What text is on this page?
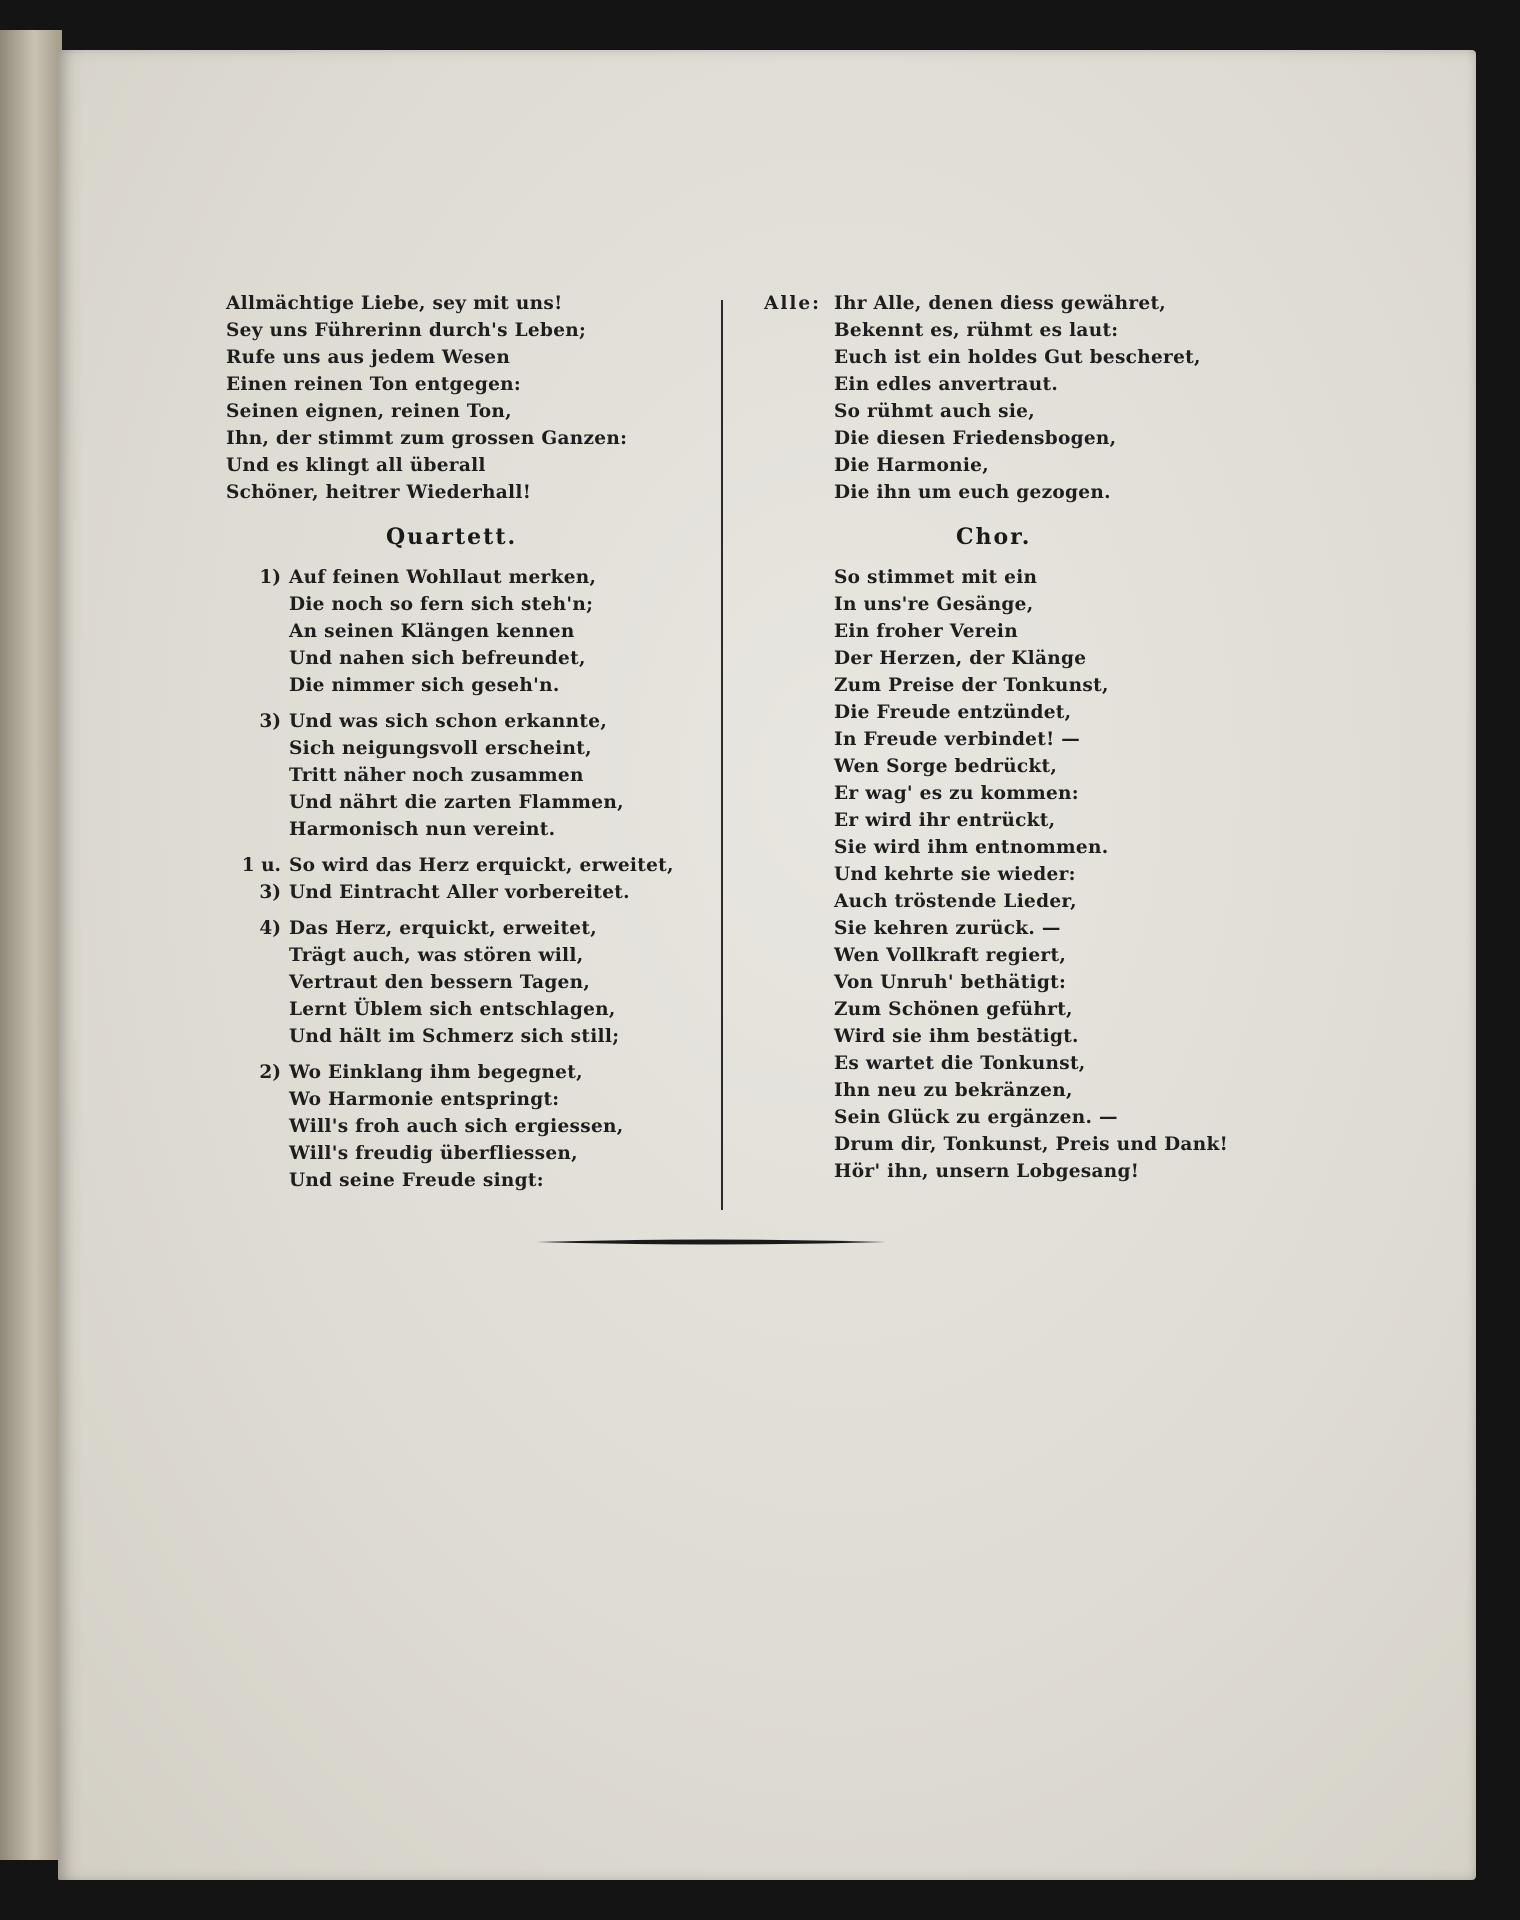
Allmächtige Liebe, sey mit uns!
Sey uns Führerinn durch's Leben;
Rufe uns aus jedem Wesen
Einen reinen Ton entgegen:
Seinen eignen, reinen Ton,
Ihn, der stimmt zum grossen Ganzen:
Und es klingt all überall
Schöner, heitrer Wiederhall!
Quartett.
1) Auf feinen Wohllaut merken,
Die noch so fern sich steh'n;
An seinen Klängen kennen
Und nahen sich befreundet,
Die nimmer sich geseh'n.
3) Und was sich schon erkannte,
Sich neigungsvoll erscheint,
Tritt näher noch zusammen
Und nährt die zarten Flammen,
Harmonisch nun vereint.
1 u. 3)
So wird das Herz erquickt, erweitet,
Und Eintracht Aller vorbereitet.
4) Das Herz, erquickt, erweitet,
Trägt auch, was stören will,
Vertraut den bessern Tagen,
Lernt Üblem sich entschlagen,
Und hält im Schmerz sich still;
2) Wo Einklang ihm begegnet,
Wo Harmonie entspringt:
Will's froh auch sich ergiessen,
Will's freudig überfliessen,
Und seine Freude singt:
Alle: Ihr Alle, denen diess gewähret,
Bekennt es, rühmt es laut:
Euch ist ein holdes Gut bescheret,
Ein edles anvertraut.
So rühmt auch sie,
Die diesen Friedensbogen,
Die Harmonie,
Die ihn um euch gezogen.
Chor.
So stimmet mit ein
In uns're Gesänge,
Ein froher Verein
Der Herzen, der Klänge
Zum Preise der Tonkunst,
Die Freude entzündet,
In Freude verbindet! —
Wen Sorge bedrückt,
Er wag' es zu kommen:
Er wird ihr entrückt,
Sie wird ihm entnommen.
Und kehrte sie wieder:
Auch tröstende Lieder,
Sie kehren zurück. —
Wen Vollkraft regiert,
Von Unruh' bethätigt:
Zum Schönen geführt,
Wird sie ihm bestätigt.
Es wartet die Tonkunst,
Ihn neu zu bekränzen,
Sein Glück zu ergänzen. —
Drum dir, Tonkunst, Preis und Dank!
Hör' ihn, unsern Lobgesang!
